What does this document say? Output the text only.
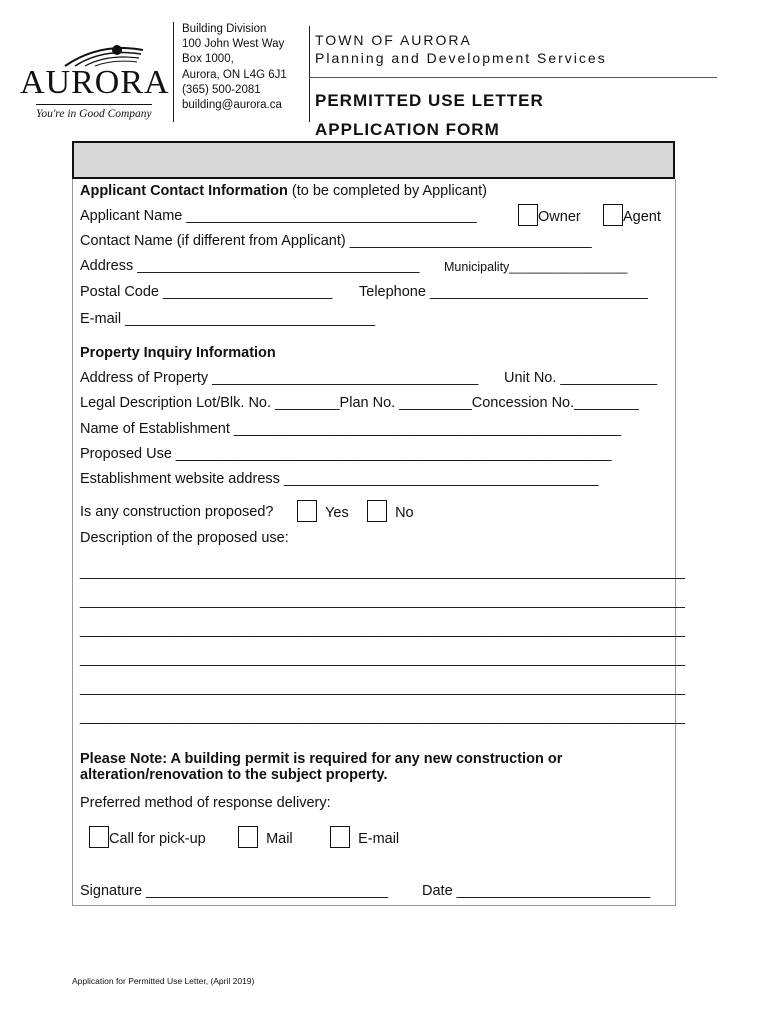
AURORA
You're in Good Company
Building Division
100 John West Way
Box 1000,
Aurora, ON L4G 6J1
(365) 500-2081
building@aurora.ca
TOWN OF AURORA
Planning and Development Services
PERMITTED USE LETTER
APPLICATION FORM
Applicant Contact Information (to be completed by Applicant)
Applicant Name ____________________________________	Owner	Agent
Contact Name (if different from Applicant) ______________________________
Address ___________________________________ Municipality_________________
Postal Code _____________________ Telephone ___________________________
E-mail _______________________________
Property Inquiry Information
Address of Property _________________________________ Unit No. ____________
Legal Description Lot/Blk. No. ________Plan No. _________Concession No.________
Name of Establishment ________________________________________________
Proposed Use ______________________________________________________
Establishment website address _______________________________________
Is any construction proposed?	Yes	No
Description of the proposed use:
___________________________________________________________________________
___________________________________________________________________________
___________________________________________________________________________
___________________________________________________________________________
___________________________________________________________________________
___________________________________________________________________________
Please Note: A building permit is required for any new construction or
alteration/renovation to the subject property.
Preferred method of response delivery:
Call for pick-up	Mail	E-mail
Signature ______________________________ Date ________________________
Application for Permitted Use Letter, (April 2019)
